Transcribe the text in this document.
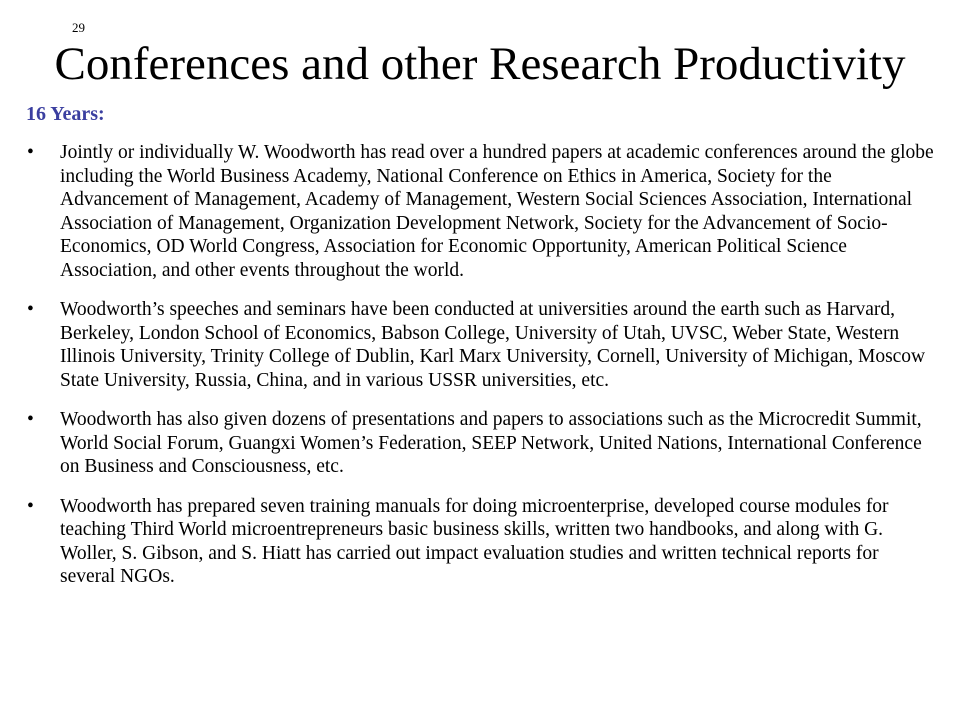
29
Conferences and other Research Productivity
16 Years:
• Jointly or individually W. Woodworth has read over a hundred papers at academic conferences around the globe including the World Business Academy, National Conference on Ethics in America, Society for the Advancement of Management, Academy of Management, Western Social Sciences Association, International Association of Management, Organization Development Network, Society for the Advancement of Socio-Economics, OD World Congress, Association for Economic Opportunity, American Political Science Association, and other events throughout the world.
• Woodworth’s speeches and seminars have been conducted at universities around the earth such as Harvard, Berkeley, London School of Economics, Babson College, University of Utah, UVSC, Weber State, Western Illinois University, Trinity College of Dublin, Karl Marx University, Cornell, University of Michigan, Moscow State University, Russia, China, and in various USSR universities, etc.
• Woodworth has also given dozens of presentations and papers to associations such as the Microcredit Summit, World Social Forum, Guangxi Women’s Federation, SEEP Network, United Nations, International Conference on Business and Consciousness, etc.
• Woodworth has prepared seven training manuals for doing microenterprise, developed course modules for teaching Third World microentrepreneurs basic business skills, written two handbooks, and along with G. Woller, S. Gibson, and S. Hiatt has carried out impact evaluation studies and written technical reports for several NGOs.
